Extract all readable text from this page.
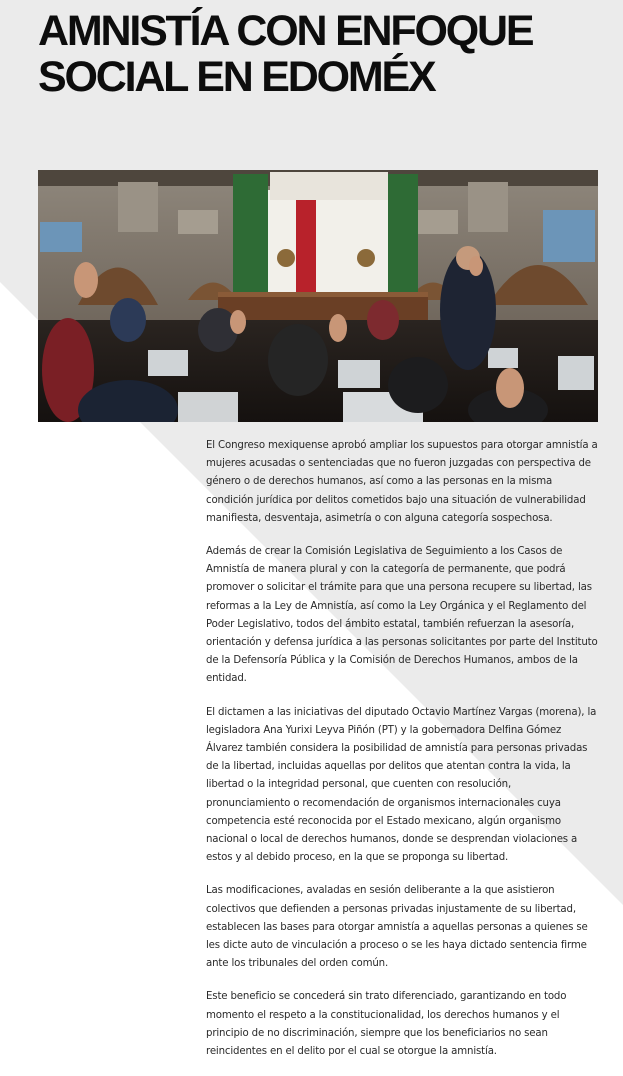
AMNISTÍA CON ENFOQUE SOCIAL EN EDOMÉX

El Congreso mexiquense aprobó ampliar los supuestos para otorgar amnistía a mujeres acusadas o sentenciadas que no fueron juzgadas con perspectiva de género o de derechos humanos, así como a las personas en la misma condición jurídica por delitos cometidos bajo una situación de vulnerabilidad manifiesta, desventaja, asimetría o con alguna categoría sospechosa.

Además de crear la Comisión Legislativa de Seguimiento a los Casos de Amnistía de manera plural y con la categoría de permanente, que podrá promover o solicitar el trámite para que una persona recupere su libertad, las reformas a la Ley de Amnistía, así como la Ley Orgánica y el Reglamento del Poder Legislativo, todos del ámbito estatal, también refuerzan la asesoría, orientación y defensa jurídica a las personas solicitantes por parte del Instituto de la Defensoría Pública y la Comisión de Derechos Humanos, ambos de la entidad.

El dictamen a las iniciativas del diputado Octavio Martínez Vargas (morena), la legisladora Ana Yurixi Leyva Piñón (PT) y la gobernadora Delfina Gómez Álvarez también considera la posibilidad de amnistía para personas privadas de la libertad, incluidas aquellas por delitos que atentan contra la vida, la libertad o la integridad personal, que cuenten con resolución, pronunciamiento o recomendación de organismos internacionales cuya competencia esté reconocida por el Estado mexicano, algún organismo nacional o local de derechos humanos, donde se desprendan violaciones a estos y al debido proceso, en la que se proponga su libertad.

Las modificaciones, avaladas en sesión deliberante a la que asistieron colectivos que defienden a personas privadas injustamente de su libertad, establecen las bases para otorgar amnistía a aquellas personas a quienes se les dicte auto de vinculación a proceso o se les haya dictado sentencia firme ante los tribunales del orden común.

Este beneficio se concederá sin trato diferenciado, garantizando en todo momento el respeto a la constitucionalidad, los derechos humanos y el principio de no discriminación, siempre que los beneficiarios no sean reincidentes en el delito por el cual se otorgue la amnistía.
